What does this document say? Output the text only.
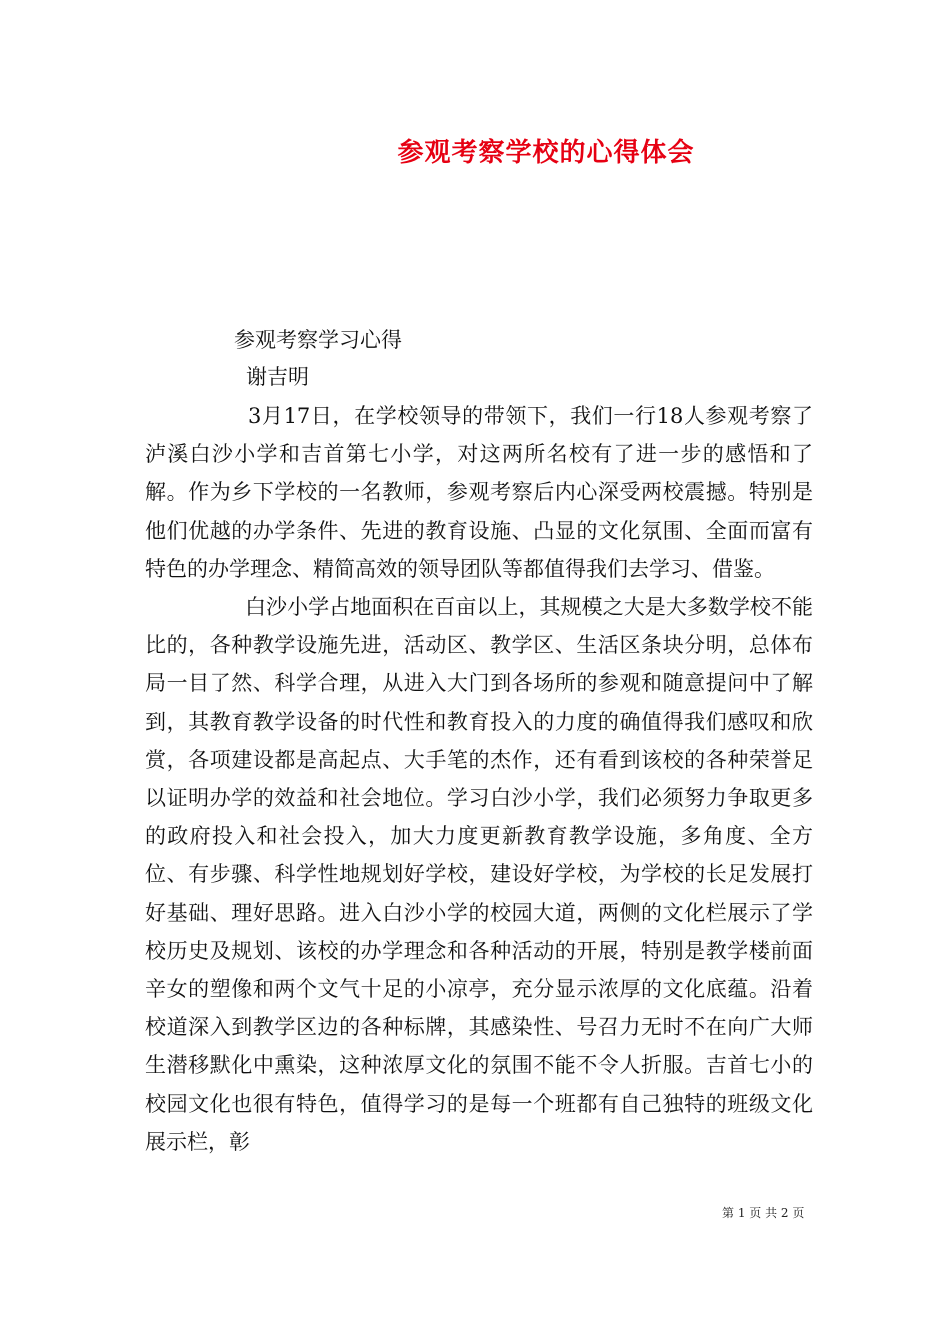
参观考察学校的心得体会
参观考察学习心得
谢吉明

3月17日，在学校领导的带领下，我们一行18人参观考察了泸溪白沙小学和吉首第七小学，对这两所名校有了进一步的感悟和了解。作为乡下学校的一名教师，参观考察后内心深受两校震撼。特别是他们优越的办学条件、先进的教育设施、凸显的文化氛围、全面而富有特色的办学理念、精简高效的领导团队等都值得我们去学习、借鉴。

白沙小学占地面积在百亩以上，其规模之大是大多数学校不能比的，各种教学设施先进，活动区、教学区、生活区条块分明，总体布局一目了然、科学合理，从进入大门到各场所的参观和随意提问中了解到，其教育教学设备的时代性和教育投入的力度的确值得我们感叹和欣赏，各项建设都是高起点、大手笔的杰作，还有看到该校的各种荣誉足以证明办学的效益和社会地位。学习白沙小学，我们必须努力争取更多的政府投入和社会投入，加大力度更新教育教学设施，多角度、全方位、有步骤、科学性地规划好学校，建设好学校，为学校的长足发展打好基础、理好思路。进入白沙小学的校园大道，两侧的文化栏展示了学校历史及规划、该校的办学理念和各种活动的开展，特别是教学楼前面辛女的塑像和两个文气十足的小凉亭，充分显示浓厚的文化底蕴。沿着校道深入到教学区边的各种标牌，其感染性、号召力无时不在向广大师生潜移默化中熏染，这种浓厚文化的氛围不能不令人折服。吉首七小的校园文化也很有特色，值得学习的是每一个班都有自己独特的班级文化展示栏，彰

第 1 页 共 2 页
